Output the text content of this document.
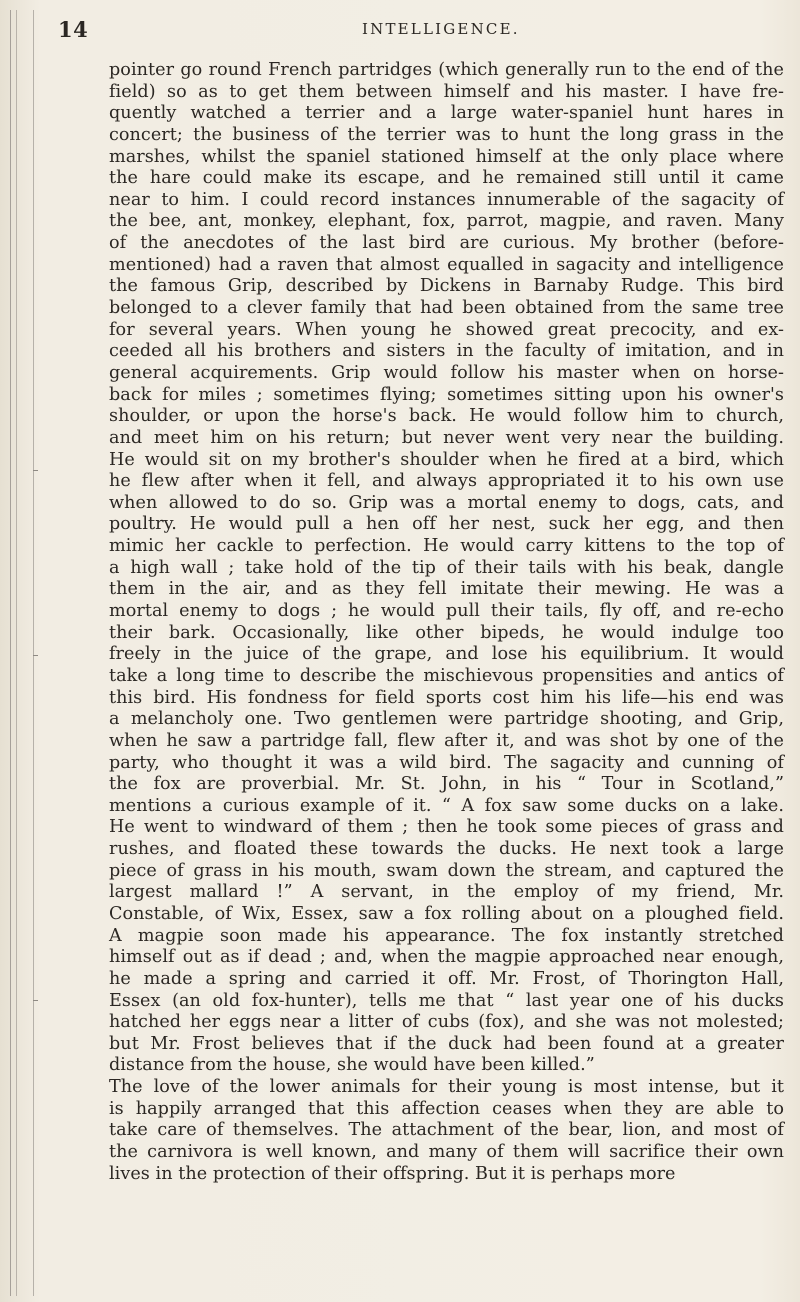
14	INTELLIGENCE.
pointer go round French partridges (which generally run to the end of the
field) so as to get them between himself and his master. I have fre-
quently watched a terrier and a large water-spaniel hunt hares in
concert; the business of the terrier was to hunt the long grass in the
marshes, whilst the spaniel stationed himself at the only place where
the hare could make its escape, and he remained still until it came
near to him. I could record instances innumerable of the sagacity of
the bee, ant, monkey, elephant, fox, parrot, magpie, and raven. Many
of the anecdotes of the last bird are curious. My brother (before-
mentioned) had a raven that almost equalled in sagacity and intelligence
the famous Grip, described by Dickens in Barnaby Rudge. This bird
belonged to a clever family that had been obtained from the same tree
for several years. When young he showed great precocity, and ex-
ceeded all his brothers and sisters in the faculty of imitation, and in
general acquirements. Grip would follow his master when on horse-
back for miles ; sometimes flying; sometimes sitting upon his owner's
shoulder, or upon the horse's back. He would follow him to church,
and meet him on his return; but never went very near the building.
He would sit on my brother's shoulder when he fired at a bird, which
he flew after when it fell, and always appropriated it to his own use
when allowed to do so. Grip was a mortal enemy to dogs, cats, and
poultry. He would pull a hen off her nest, suck her egg, and then
mimic her cackle to perfection. He would carry kittens to the top of
a high wall ; take hold of the tip of their tails with his beak, dangle
them in the air, and as they fell imitate their mewing. He was a
mortal enemy to dogs ; he would pull their tails, fly off, and re-echo
their bark. Occasionally, like other bipeds, he would indulge too
freely in the juice of the grape, and lose his equilibrium. It would
take a long time to describe the mischievous propensities and antics of
this bird. His fondness for field sports cost him his life—his end was
a melancholy one. Two gentlemen were partridge shooting, and Grip,
when he saw a partridge fall, flew after it, and was shot by one of the
party, who thought it was a wild bird. The sagacity and cunning of
the fox are proverbial. Mr. St. John, in his “ Tour in Scotland,”
mentions a curious example of it. “ A fox saw some ducks on a lake.
He went to windward of them ; then he took some pieces of grass and
rushes, and floated these towards the ducks. He next took a large
piece of grass in his mouth, swam down the stream, and captured the
largest mallard !” A servant, in the employ of my friend, Mr.
Constable, of Wix, Essex, saw a fox rolling about on a ploughed field.
A magpie soon made his appearance. The fox instantly stretched
himself out as if dead ; and, when the magpie approached near enough,
he made a spring and carried it off. Mr. Frost, of Thorington Hall,
Essex (an old fox-hunter), tells me that “ last year one of his ducks
hatched her eggs near a litter of cubs (fox), and she was not molested;
but Mr. Frost believes that if the duck had been found at a greater
distance from the house, she would have been killed.”
The love of the lower animals for their young is most intense, but it
is happily arranged that this affection ceases when they are able to
take care of themselves. The attachment of the bear, lion, and most of
the carnivora is well known, and many of them will sacrifice their own
lives in the protection of their offspring. But it is perhaps more
